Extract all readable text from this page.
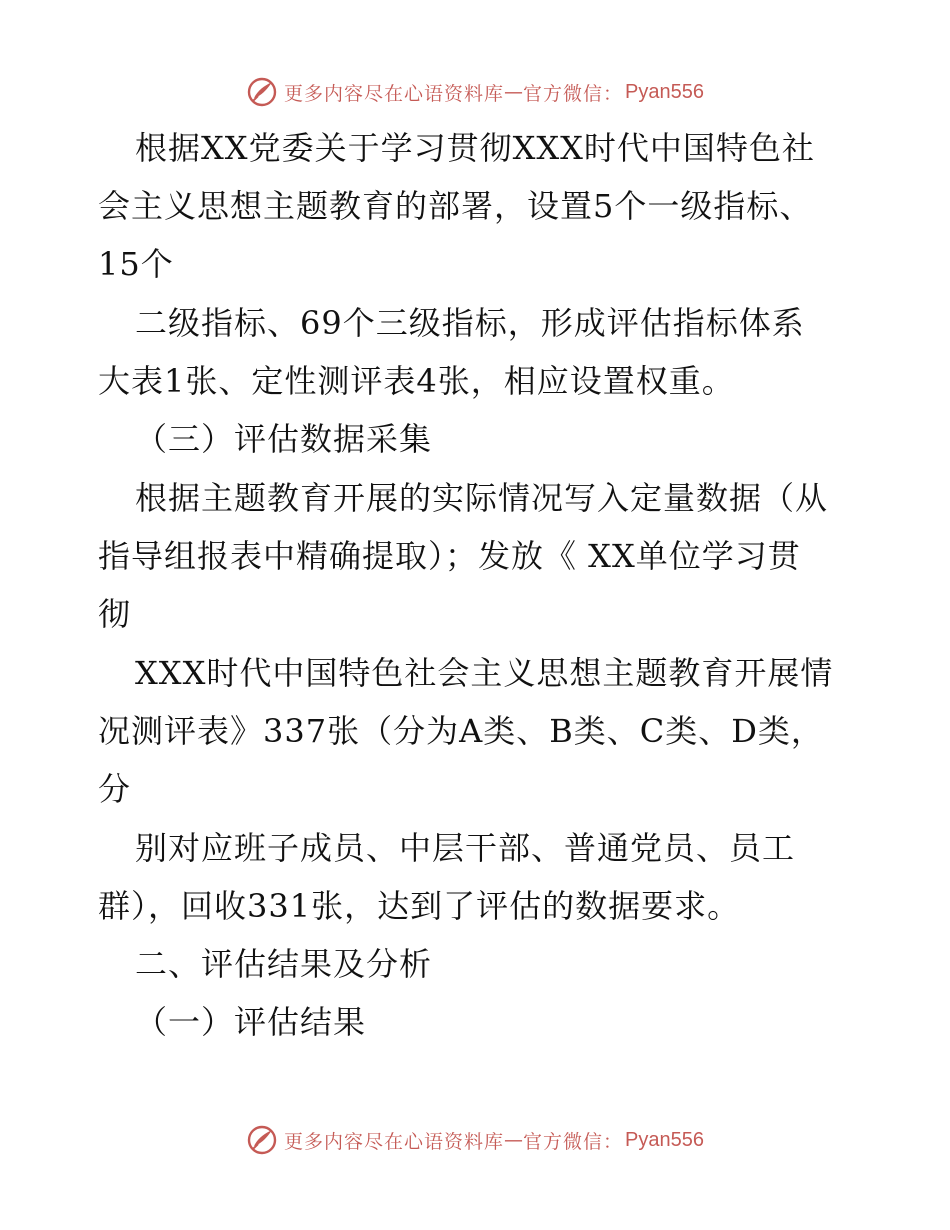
更多内容尽在心语资料库 — 官方微信： Pyan556
根据XX党委关于学习贯彻XXX时代中国特色社
会主义思想主题教育的部署，设置5个一级指标、
15个
二级指标、69个三级指标，形成评估指标体系
大表1张、定性测评表4张，相应设置权重。
（三）评估数据采集
根据主题教育开展的实际情况写入定量数据（从
指导组报表中精确提取）；发放《 XX单位学习贯
彻
XXX时代中国特色社会主义思想主题教育开展情
况测评表》337张（分为A类、B类、C类、D类，
分
别对应班子成员、中层干部、普通党员、员工
群），回收331张，达到了评估的数据要求。
二、评估结果及分析
（一）评估结果
更多内容尽在心语资料库 — 官方微信： Pyan556
